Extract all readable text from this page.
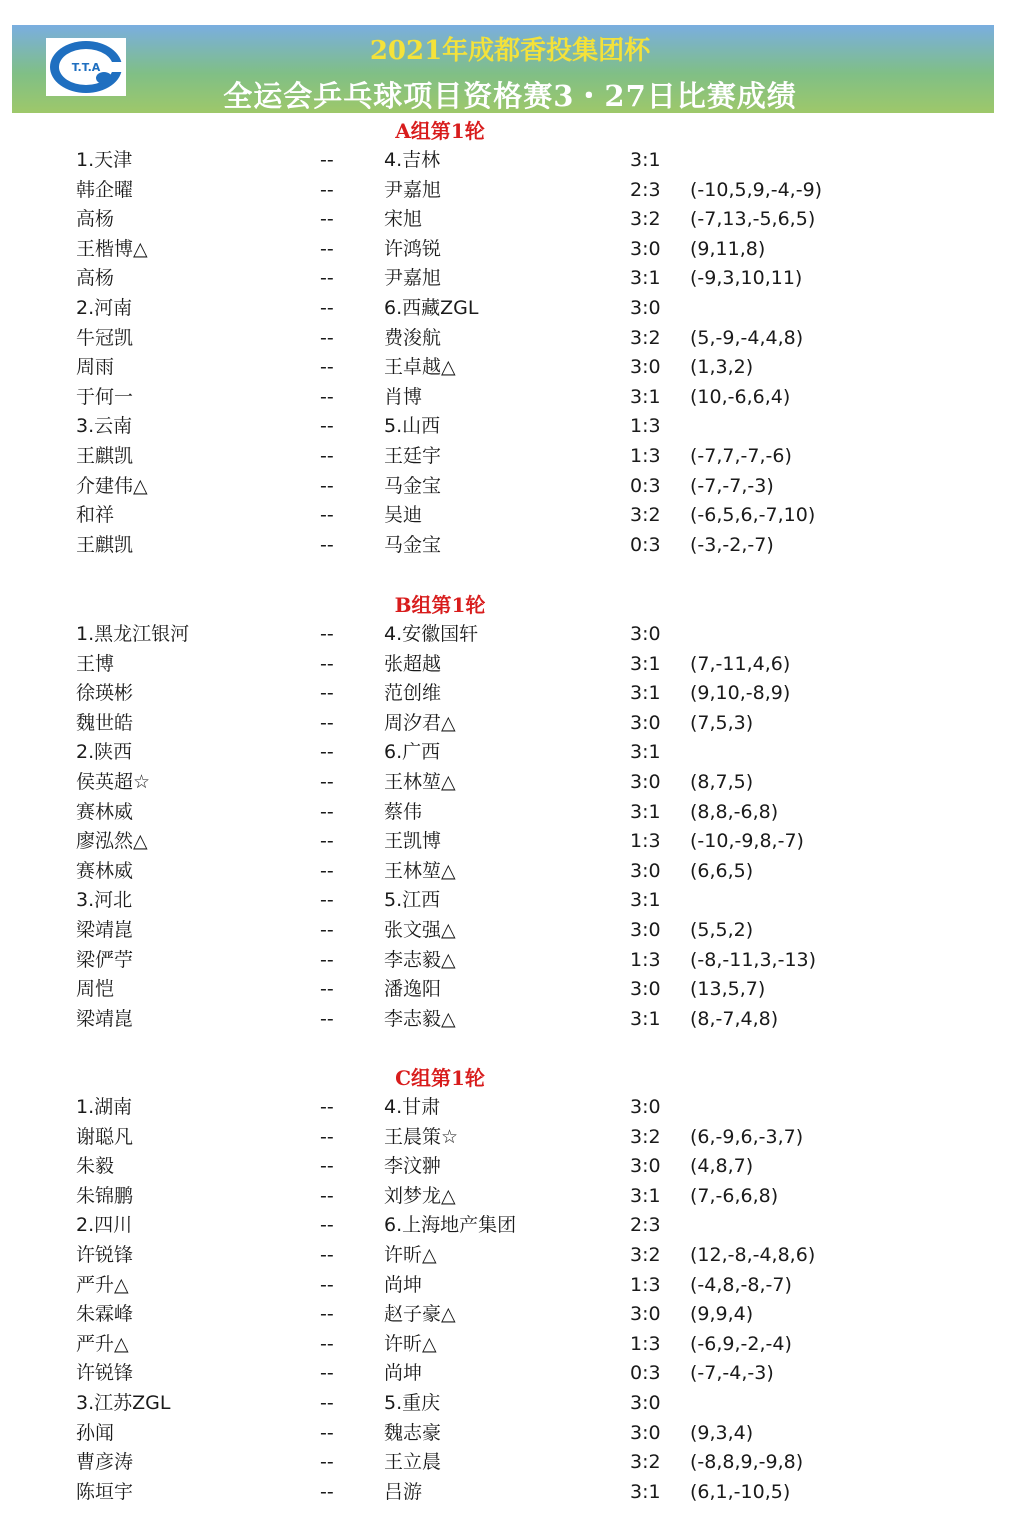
T.T.A
2021年成都香投集团杯
全运会乒乓球项目资格赛3・27日比赛成绩
A组第1轮
1.天津	--	4.吉林	3:1
韩企曜	--	尹嘉旭	2:3 (-10,5,9,-4,-9)
高杨	--	宋旭	3:2 (-7,13,-5,6,5)
王楷博△	--	许鸿锐	3:0 (9,11,8)
高杨	--	尹嘉旭	3:1 (-9,3,10,11)
2.河南	--	6.西藏ZGL	3:0
牛冠凯	--	费浚航	3:2 (5,-9,-4,4,8)
周雨	--	王卓越△	3:0 (1,3,2)
于何一	--	肖博	3:1 (10,-6,6,4)
3.云南	--	5.山西	1:3
王麒凯	--	王廷宇	1:3 (-7,7,-7,-6)
介建伟△	--	马金宝	0:3 (-7,-7,-3)
和祥	--	吴迪	3:2 (-6,5,6,-7,10)
王麒凯	--	马金宝	0:3 (-3,-2,-7)
B组第1轮
1.黑龙江银河	--	4.安徽国轩	3:0
王博	--	张超越	3:1 (7,-11,4,6)
徐瑛彬	--	范创维	3:1 (9,10,-8,9)
魏世皓	--	周汐君△	3:0 (7,5,3)
2.陕西	--	6.广西	3:1
侯英超☆	--	王林堃△	3:0 (8,7,5)
赛林威	--	蔡伟	3:1 (8,8,-6,8)
廖泓然△	--	王凯博	1:3 (-10,-9,8,-7)
赛林威	--	王林堃△	3:0 (6,6,5)
3.河北	--	5.江西	3:1
梁靖崑	--	张文强△	3:0 (5,5,2)
梁俨苧	--	李志毅△	1:3 (-8,-11,3,-13)
周恺	--	潘逸阳	3:0 (13,5,7)
梁靖崑	--	李志毅△	3:1 (8,-7,4,8)
C组第1轮
1.湖南	--	4.甘肃	3:0
谢聪凡	--	王晨策☆	3:2 (6,-9,6,-3,7)
朱毅	--	李汶翀	3:0 (4,8,7)
朱锦鹏	--	刘梦龙△	3:1 (7,-6,6,8)
2.四川	--	6.上海地产集团	2:3
许锐锋	--	许昕△	3:2 (12,-8,-4,8,6)
严升△	--	尚坤	1:3 (-4,8,-8,-7)
朱霖峰	--	赵子豪△	3:0 (9,9,4)
严升△	--	许昕△	1:3 (-6,9,-2,-4)
许锐锋	--	尚坤	0:3 (-7,-4,-3)
3.江苏ZGL	--	5.重庆	3:0
孙闻	--	魏志豪	3:0 (9,3,4)
曹彦涛	--	王立晨	3:2 (-8,8,9,-9,8)
陈垣宇	--	吕游	3:1 (6,1,-10,5)
